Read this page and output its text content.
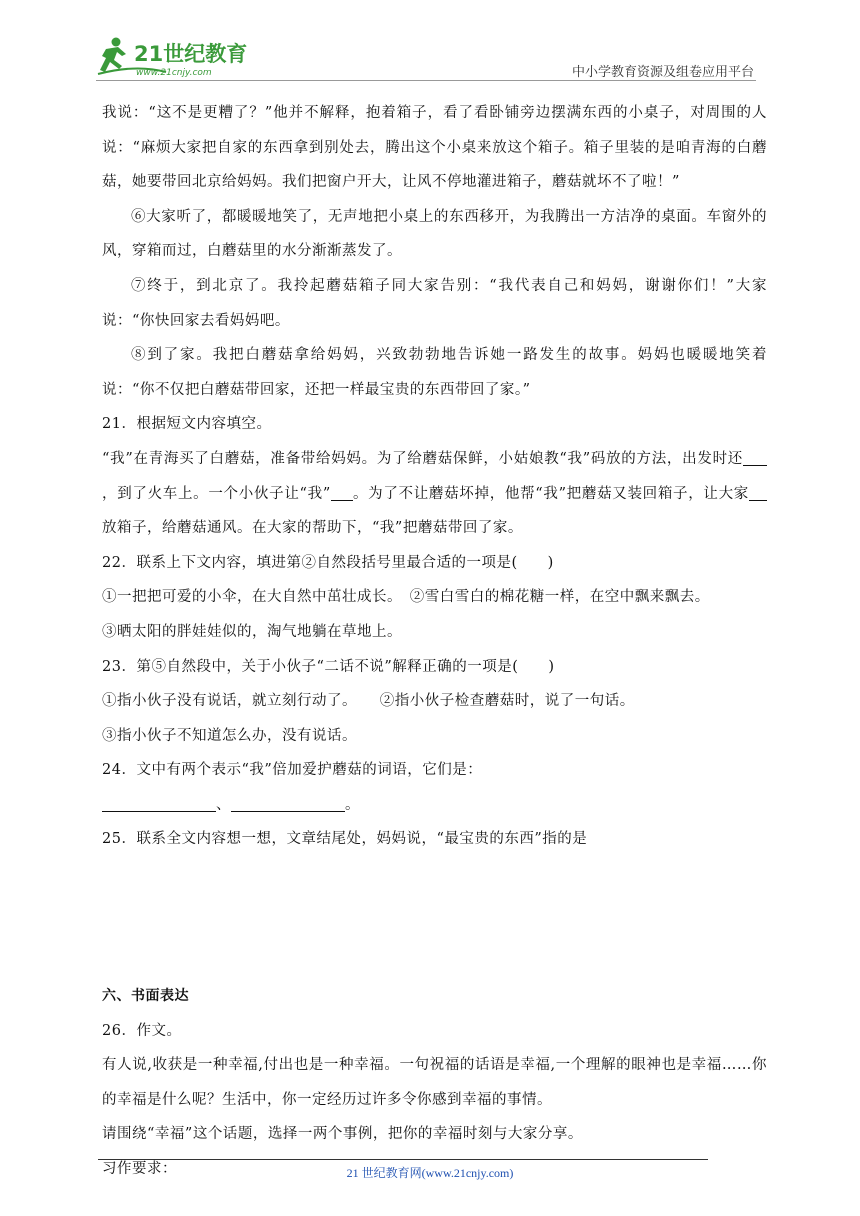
21世纪教育
www.21cnjy.com	中小学教育资源及组卷应用平台

我说：“这不是更糟了？”他并不解释，抱着箱子，看了看卧铺旁边摆满东西的小桌子，对周围的人说：“麻烦大家把自家的东西拿到别处去，腾出这个小桌来放这个箱子。箱子里装的是咱青海的白蘑菇，她要带回北京给妈妈。我们把窗户开大，让风不停地灌进箱子，蘑菇就坏不了啦！”

⑥大家听了，都暖暖地笑了，无声地把小桌上的东西移开，为我腾出一方洁净的桌面。车窗外的风，穿箱而过，白蘑菇里的水分渐渐蒸发了。

⑦终于，到北京了。我拎起蘑菇箱子同大家告别：“我代表自己和妈妈，谢谢你们！”大家说：“你快回家去看妈妈吧。

⑧到了家。我把白蘑菇拿给妈妈，兴致勃勃地告诉她一路发生的故事。妈妈也暖暖地笑着说：“你不仅把白蘑菇带回家，还把一样最宝贵的东西带回了家。”

21．根据短文内容填空。

“我”在青海买了白蘑菇，准备带给妈妈。为了给蘑菇保鲜，小姑娘教“我”码放的方法，出发时还，到了火车上。一个小伙子让“我” 。为了不让蘑菇坏掉，他帮“我”把蘑菇又装回箱子，让大家放箱子，给蘑菇通风。在大家的帮助下，“我”把蘑菇带回了家。

22．联系上下文内容，填进第②自然段括号里最合适的一项是(　　)

①一把把可爱的小伞，在大自然中茁壮成长。　 ②雪白雪白的棉花糖一样，在空中飘来飘去。

③晒太阳的胖娃娃似的，淘气地躺在草地上。

23．第⑤自然段中，关于小伙子“二话不说”解释正确的一项是(　　)

①指小伙子没有说话，就立刻行动了。　　 ②指小伙子检查蘑菇时，说了一句话。

③指小伙子不知道怎么办，没有说话。

24．文中有两个表示“我”倍加爱护蘑菇的词语，它们是：

、	。

25．联系全文内容想一想，文章结尾处，妈妈说，“最宝贵的东西”指的是

六、书面表达

26．作文。

有人说,收获是一种幸福,付出也是一种幸福。一句祝福的话语是幸福,一个理解的眼神也是幸福……你的幸福是什么呢？生活中，你一定经历过许多令你感到幸福的事情。

请围绕“幸福”这个话题，选择一两个事例，把你的幸福时刻与大家分享。

习作要求：	21 世纪教育网(www.21cnjy.com)
